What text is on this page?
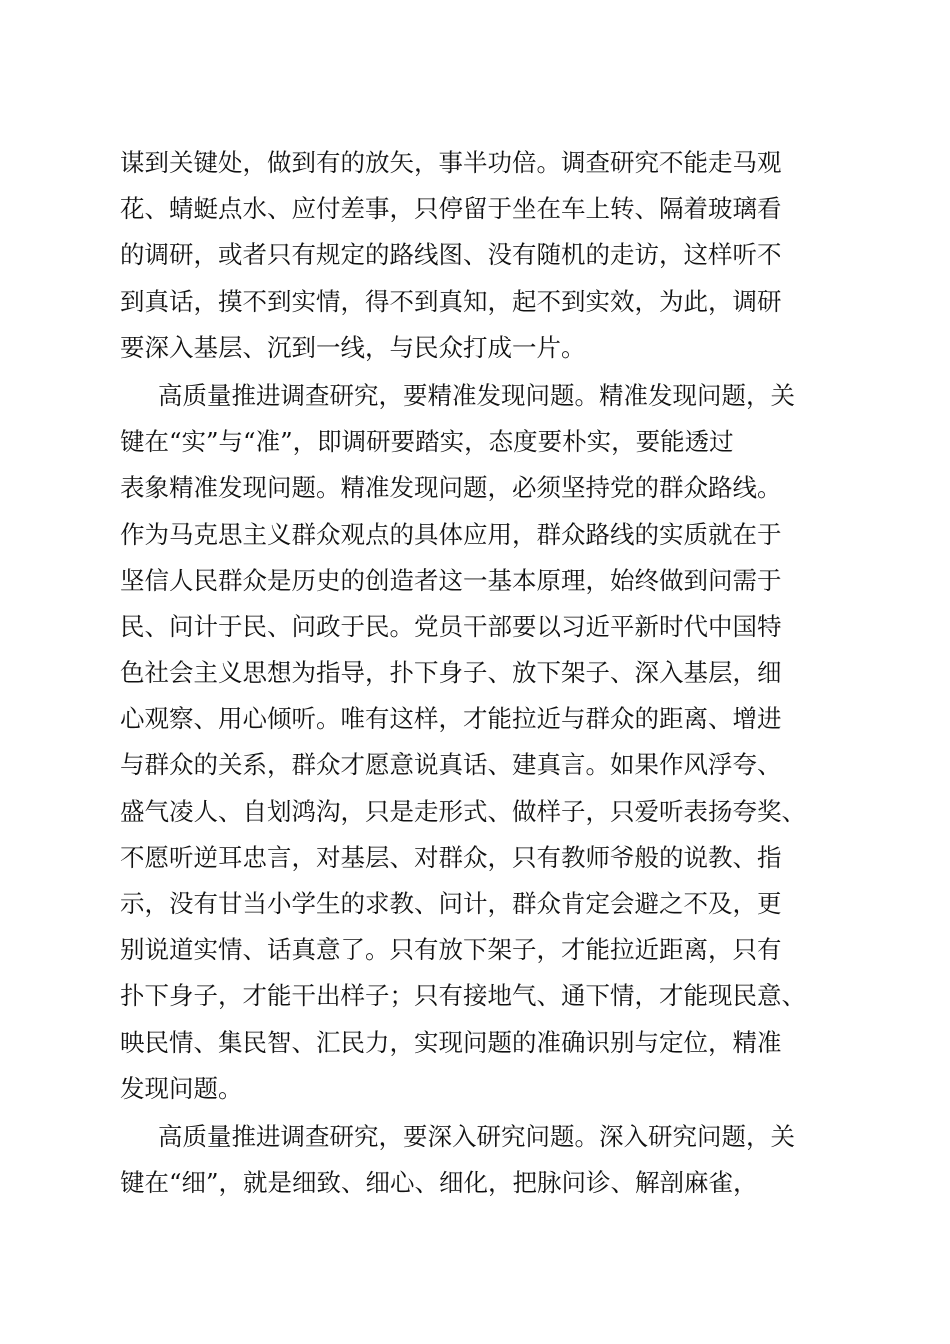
谋到关键处，做到有的放矢，事半功倍。调查研究不能走马观
花、蜻蜓点水、应付差事，只停留于坐在车上转、隔着玻璃看
的调研，或者只有规定的路线图、没有随机的走访，这样听不
到真话，摸不到实情，得不到真知，起不到实效，为此，调研
要深入基层、沉到一线，与民众打成一片。
高质量推进调查研究，要精准发现问题。精准发现问题，关
键在“实”与“准”，即调研要踏实，态度要朴实，要能透过
表象精准发现问题。精准发现问题，必须坚持党的群众路线。
作为马克思主义群众观点的具体应用，群众路线的实质就在于
坚信人民群众是历史的创造者这一基本原理，始终做到问需于
民、问计于民、问政于民。党员干部要以习近平新时代中国特
色社会主义思想为指导，扑下身子、放下架子、深入基层，细
心观察、用心倾听。唯有这样，才能拉近与群众的距离、增进
与群众的关系，群众才愿意说真话、建真言。如果作风浮夸、
盛气凌人、自划鸿沟，只是走形式、做样子，只爱听表扬夸奖、
不愿听逆耳忠言，对基层、对群众，只有教师爷般的说教、指
示，没有甘当小学生的求教、问计，群众肯定会避之不及，更
别说道实情、话真意了。只有放下架子，才能拉近距离，只有
扑下身子，才能干出样子；只有接地气、通下情，才能现民意、
映民情、集民智、汇民力，实现问题的准确识别与定位，精准
发现问题。
高质量推进调查研究，要深入研究问题。深入研究问题，关
键在“细”，就是细致、细心、细化，把脉问诊、解剖麻雀，
